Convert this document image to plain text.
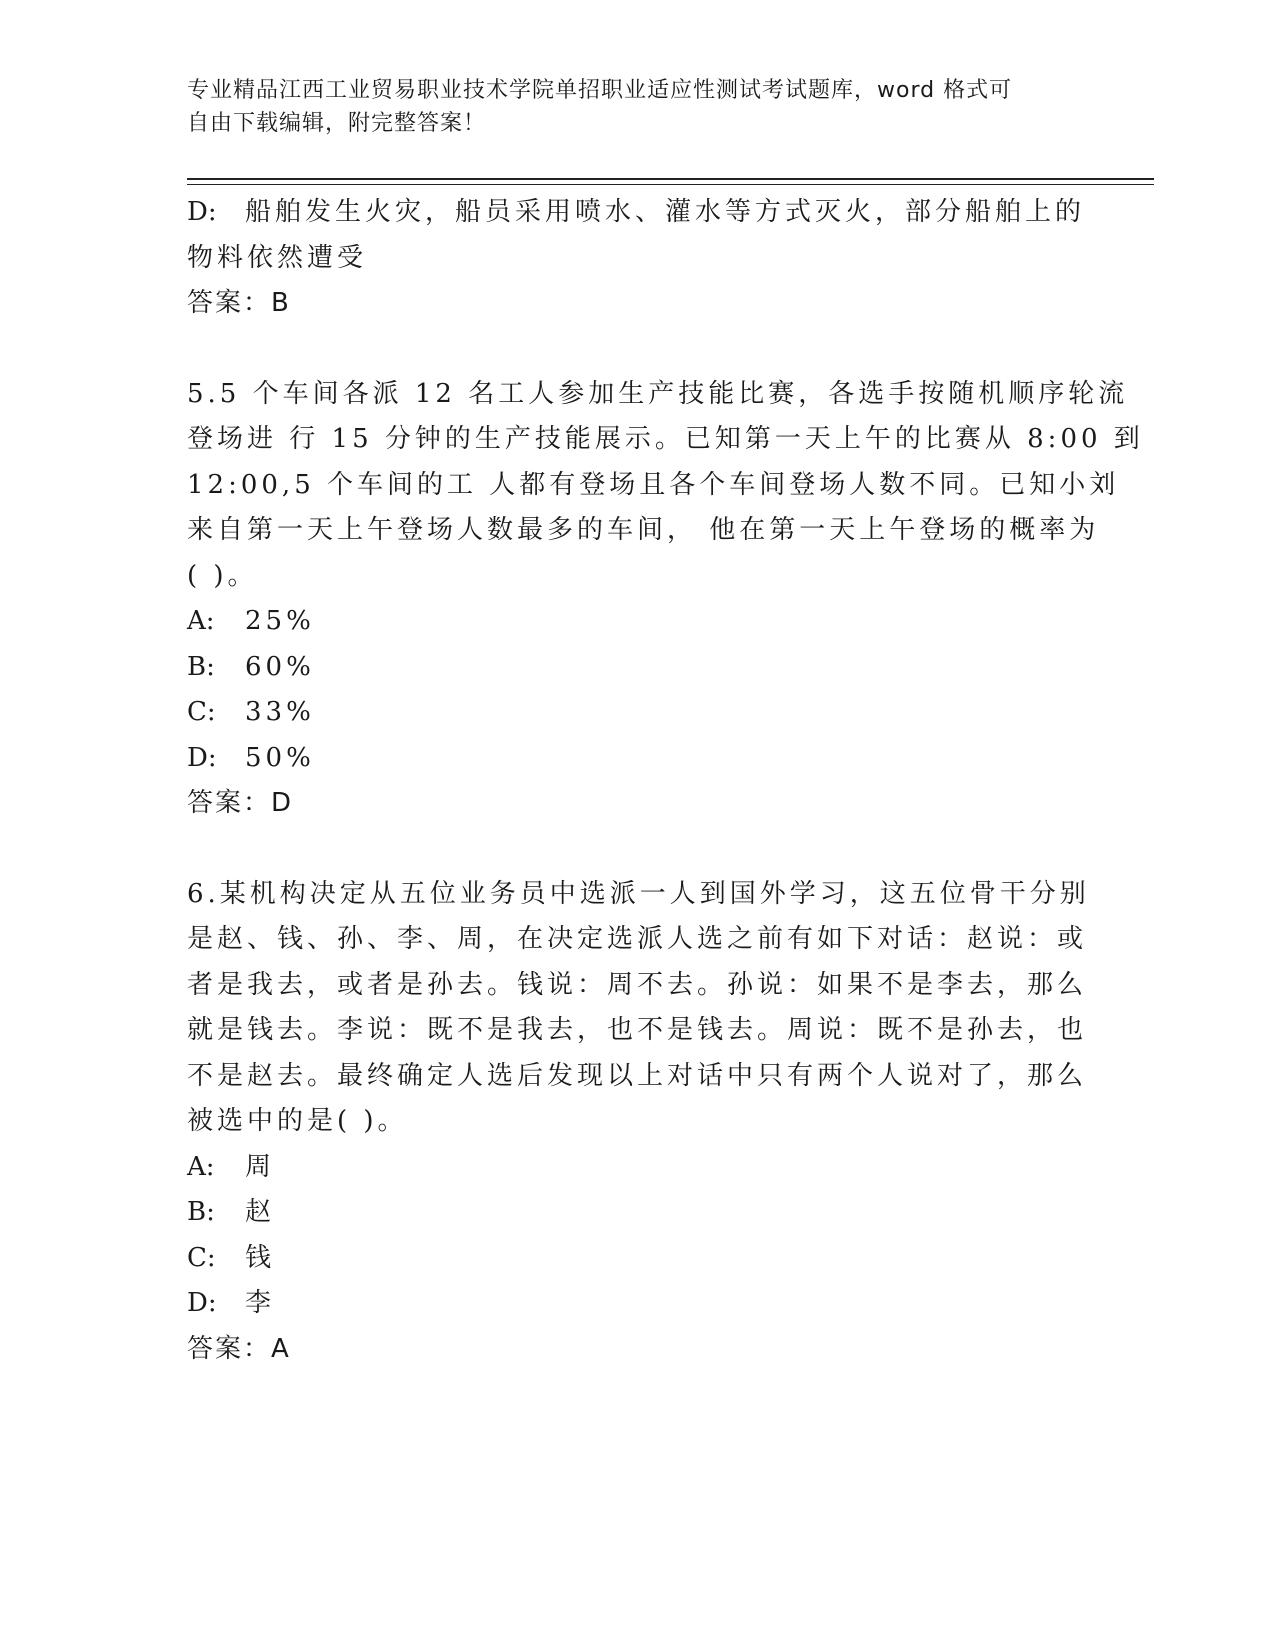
专业精品江西工业贸易职业技术学院单招职业适应性测试考试题库，word 格式可
自由下载编辑，附完整答案！
D: 船舶发生火灾，船员采用喷水、灌水等方式灭火，部分船舶上的
物料依然遭受
答案：B
5.5 个车间各派 12 名工人参加生产技能比赛，各选手按随机顺序轮流
登场进 行 15 分钟的生产技能展示。已知第一天上午的比赛从 8:00 到
12:00,5 个车间的工 人都有登场且各个车间登场人数不同。已知小刘
来自第一天上午登场人数最多的车间， 他在第一天上午登场的概率为
( )。
A: 25%
B: 60%
C: 33%
D: 50%
答案：D
6.某机构决定从五位业务员中选派一人到国外学习，这五位骨干分别
是赵、钱、孙、李、周，在决定选派人选之前有如下对话：赵说：或
者是我去，或者是孙去。钱说：周不去。孙说：如果不是李去，那么
就是钱去。李说：既不是我去，也不是钱去。周说：既不是孙去，也
不是赵去。最终确定人选后发现以上对话中只有两个人说对了，那么
被选中的是( )。
A: 周
B: 赵
C: 钱
D: 李
答案：A
